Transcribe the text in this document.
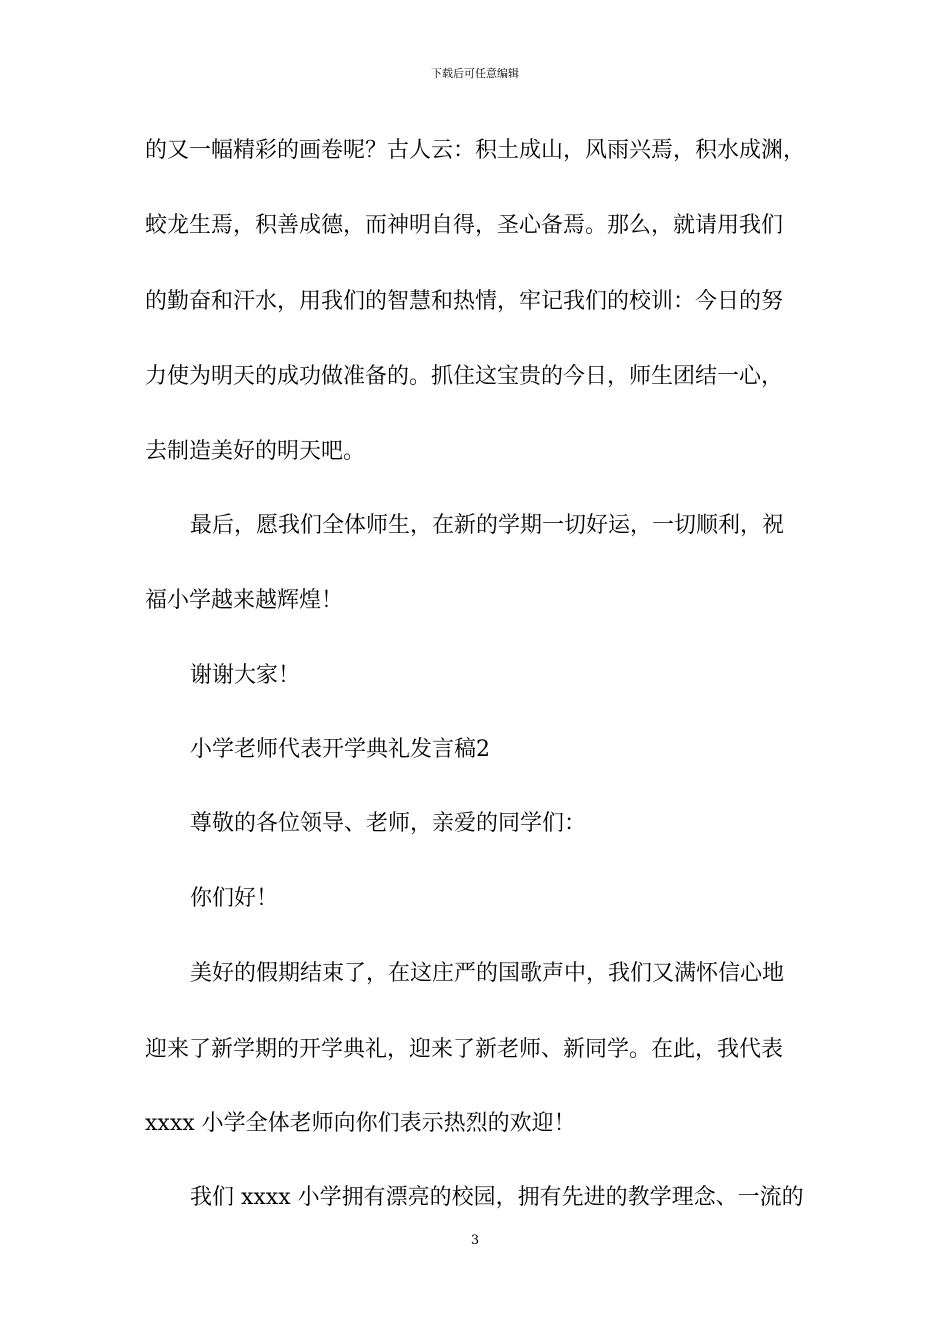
下载后可任意编辑
的又一幅精彩的画卷呢？古人云：积土成山，风雨兴焉，积水成渊，
蛟龙生焉，积善成德，而神明自得，圣心备焉。那么，就请用我们
的勤奋和汗水，用我们的智慧和热情，牢记我们的校训：今日的努
力使为明天的成功做准备的。抓住这宝贵的今日，师生团结一心，
去制造美好的明天吧。
最后，愿我们全体师生，在新的学期一切好运，一切顺利，祝
福小学越来越辉煌！
谢谢大家！
小学老师代表开学典礼发言稿2
尊敬的各位领导、老师，亲爱的同学们：
你们好！
美好的假期结束了，在这庄严的国歌声中，我们又满怀信心地
迎来了新学期的开学典礼，迎来了新老师、新同学。在此，我代表
xxxx 小学全体老师向你们表示热烈的欢迎！
我们 xxxx 小学拥有漂亮的校园，拥有先进的教学理念、一流的
3
